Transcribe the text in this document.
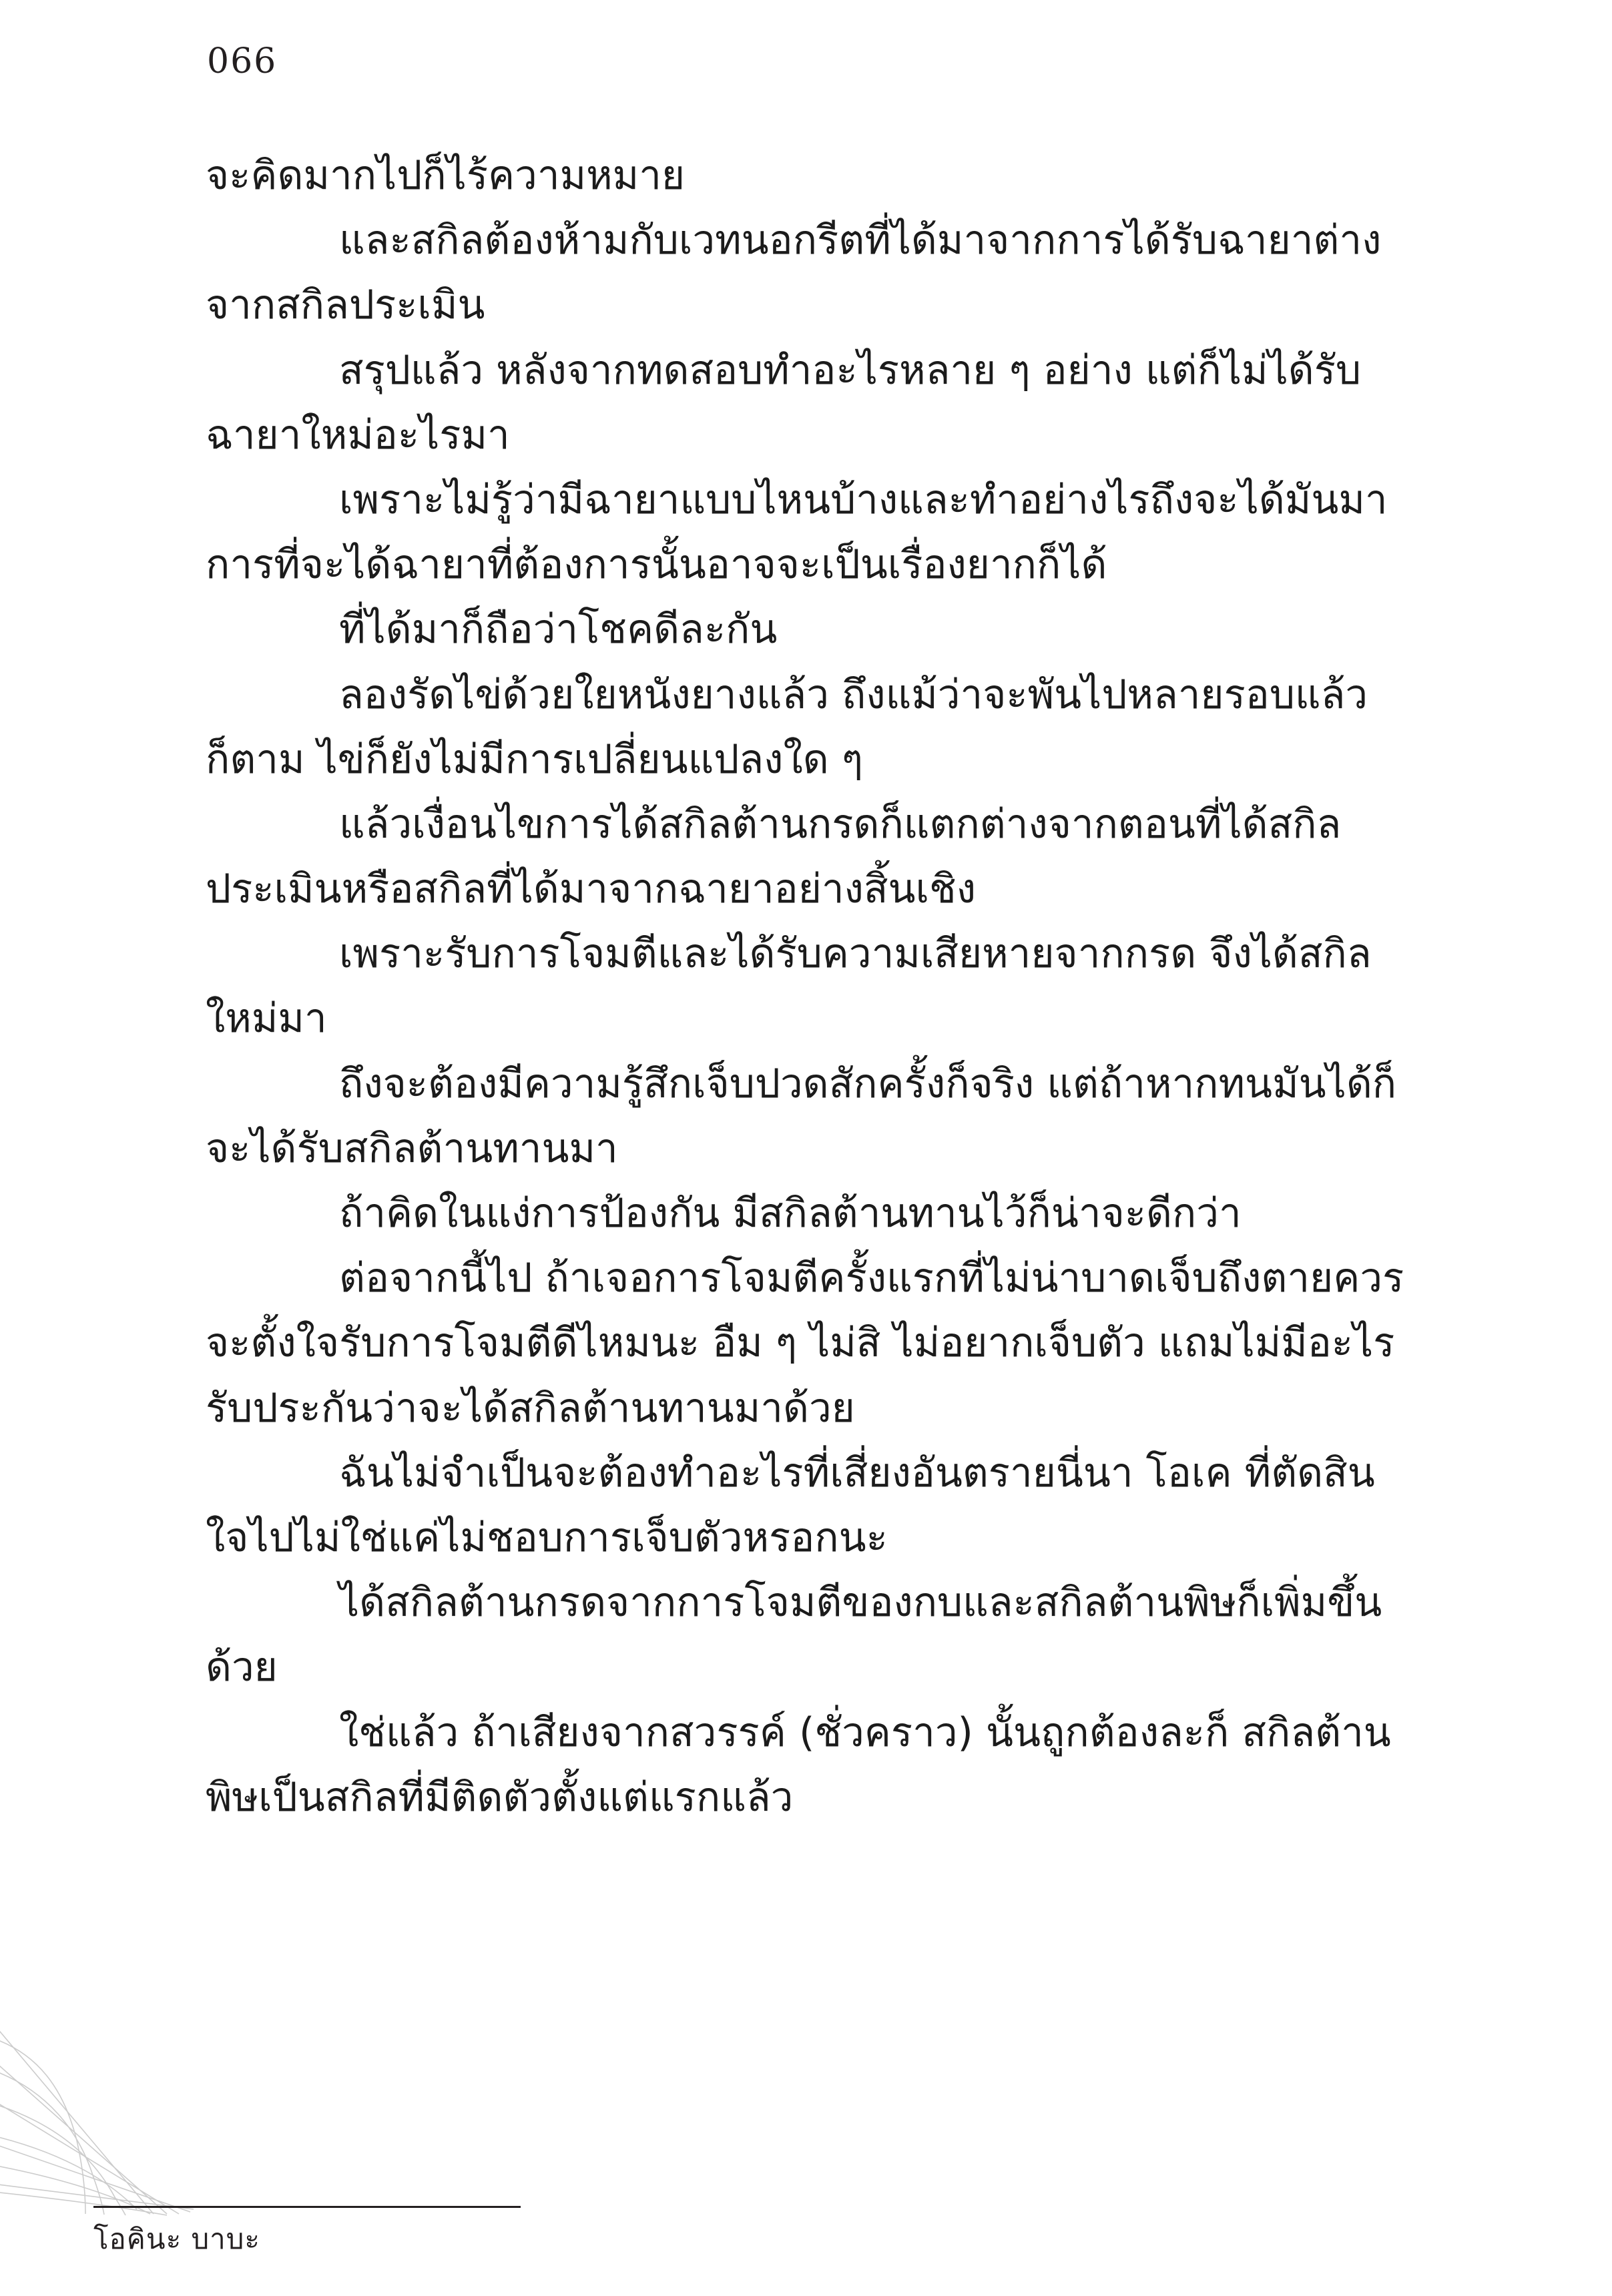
066

จะคิดมากไปก็ไร้ความหมาย

และสกิลต้องห้ามกับเวทนอกรีตที่ได้มาจากการได้รับฉายาต่างจากสกิลประเมิน

สรุปแล้ว หลังจากทดสอบทำอะไรหลาย ๆ อย่าง แต่ก็ไม่ได้รับฉายาใหม่อะไรมา

เพราะไม่รู้ว่ามีฉายาแบบไหนบ้างและทำอย่างไรถึงจะได้มันมา การที่จะได้ฉายาที่ต้องการนั้นอาจจะเป็นเรื่องยากก็ได้

ที่ได้มาก็ถือว่าโชคดีละกัน

ลองรัดไข่ด้วยใยหนังยางแล้ว ถึงแม้ว่าจะพันไปหลายรอบแล้วก็ตาม ไข่ก็ยังไม่มีการเปลี่ยนแปลงใด ๆ

แล้วเงื่อนไขการได้สกิลต้านกรดก็แตกต่างจากตอนที่ได้สกิลประเมินหรือสกิลที่ได้มาจากฉายาอย่างสิ้นเชิง

เพราะรับการโจมตีและได้รับความเสียหายจากกรด จึงได้สกิลใหม่มา

ถึงจะต้องมีความรู้สึกเจ็บปวดสักครั้งก็จริง แต่ถ้าหากทนมันได้ก็จะได้รับสกิลต้านทานมา

ถ้าคิดในแง่การป้องกัน มีสกิลต้านทานไว้ก็น่าจะดีกว่า

ต่อจากนี้ไป ถ้าเจอการโจมตีครั้งแรกที่ไม่น่าบาดเจ็บถึงตายควรจะตั้งใจรับการโจมตีดีไหมนะ อืม ๆ ไม่สิ ไม่อยากเจ็บตัว แถมไม่มีอะไรรับประกันว่าจะได้สกิลต้านทานมาด้วย

ฉันไม่จำเป็นจะต้องทำอะไรที่เสี่ยงอันตรายนี่นา โอเค ที่ตัดสินใจไปไม่ใช่แค่ไม่ชอบการเจ็บตัวหรอกนะ

ได้สกิลต้านกรดจากการโจมตีของกบและสกิลต้านพิษก็เพิ่มขึ้นด้วย

ใช่แล้ว ถ้าเสียงจากสวรรค์ (ชั่วคราว) นั้นถูกต้องละก็ สกิลต้านพิษเป็นสกิลที่มีติดตัวตั้งแต่แรกแล้ว

โอคินะ บาบะ
